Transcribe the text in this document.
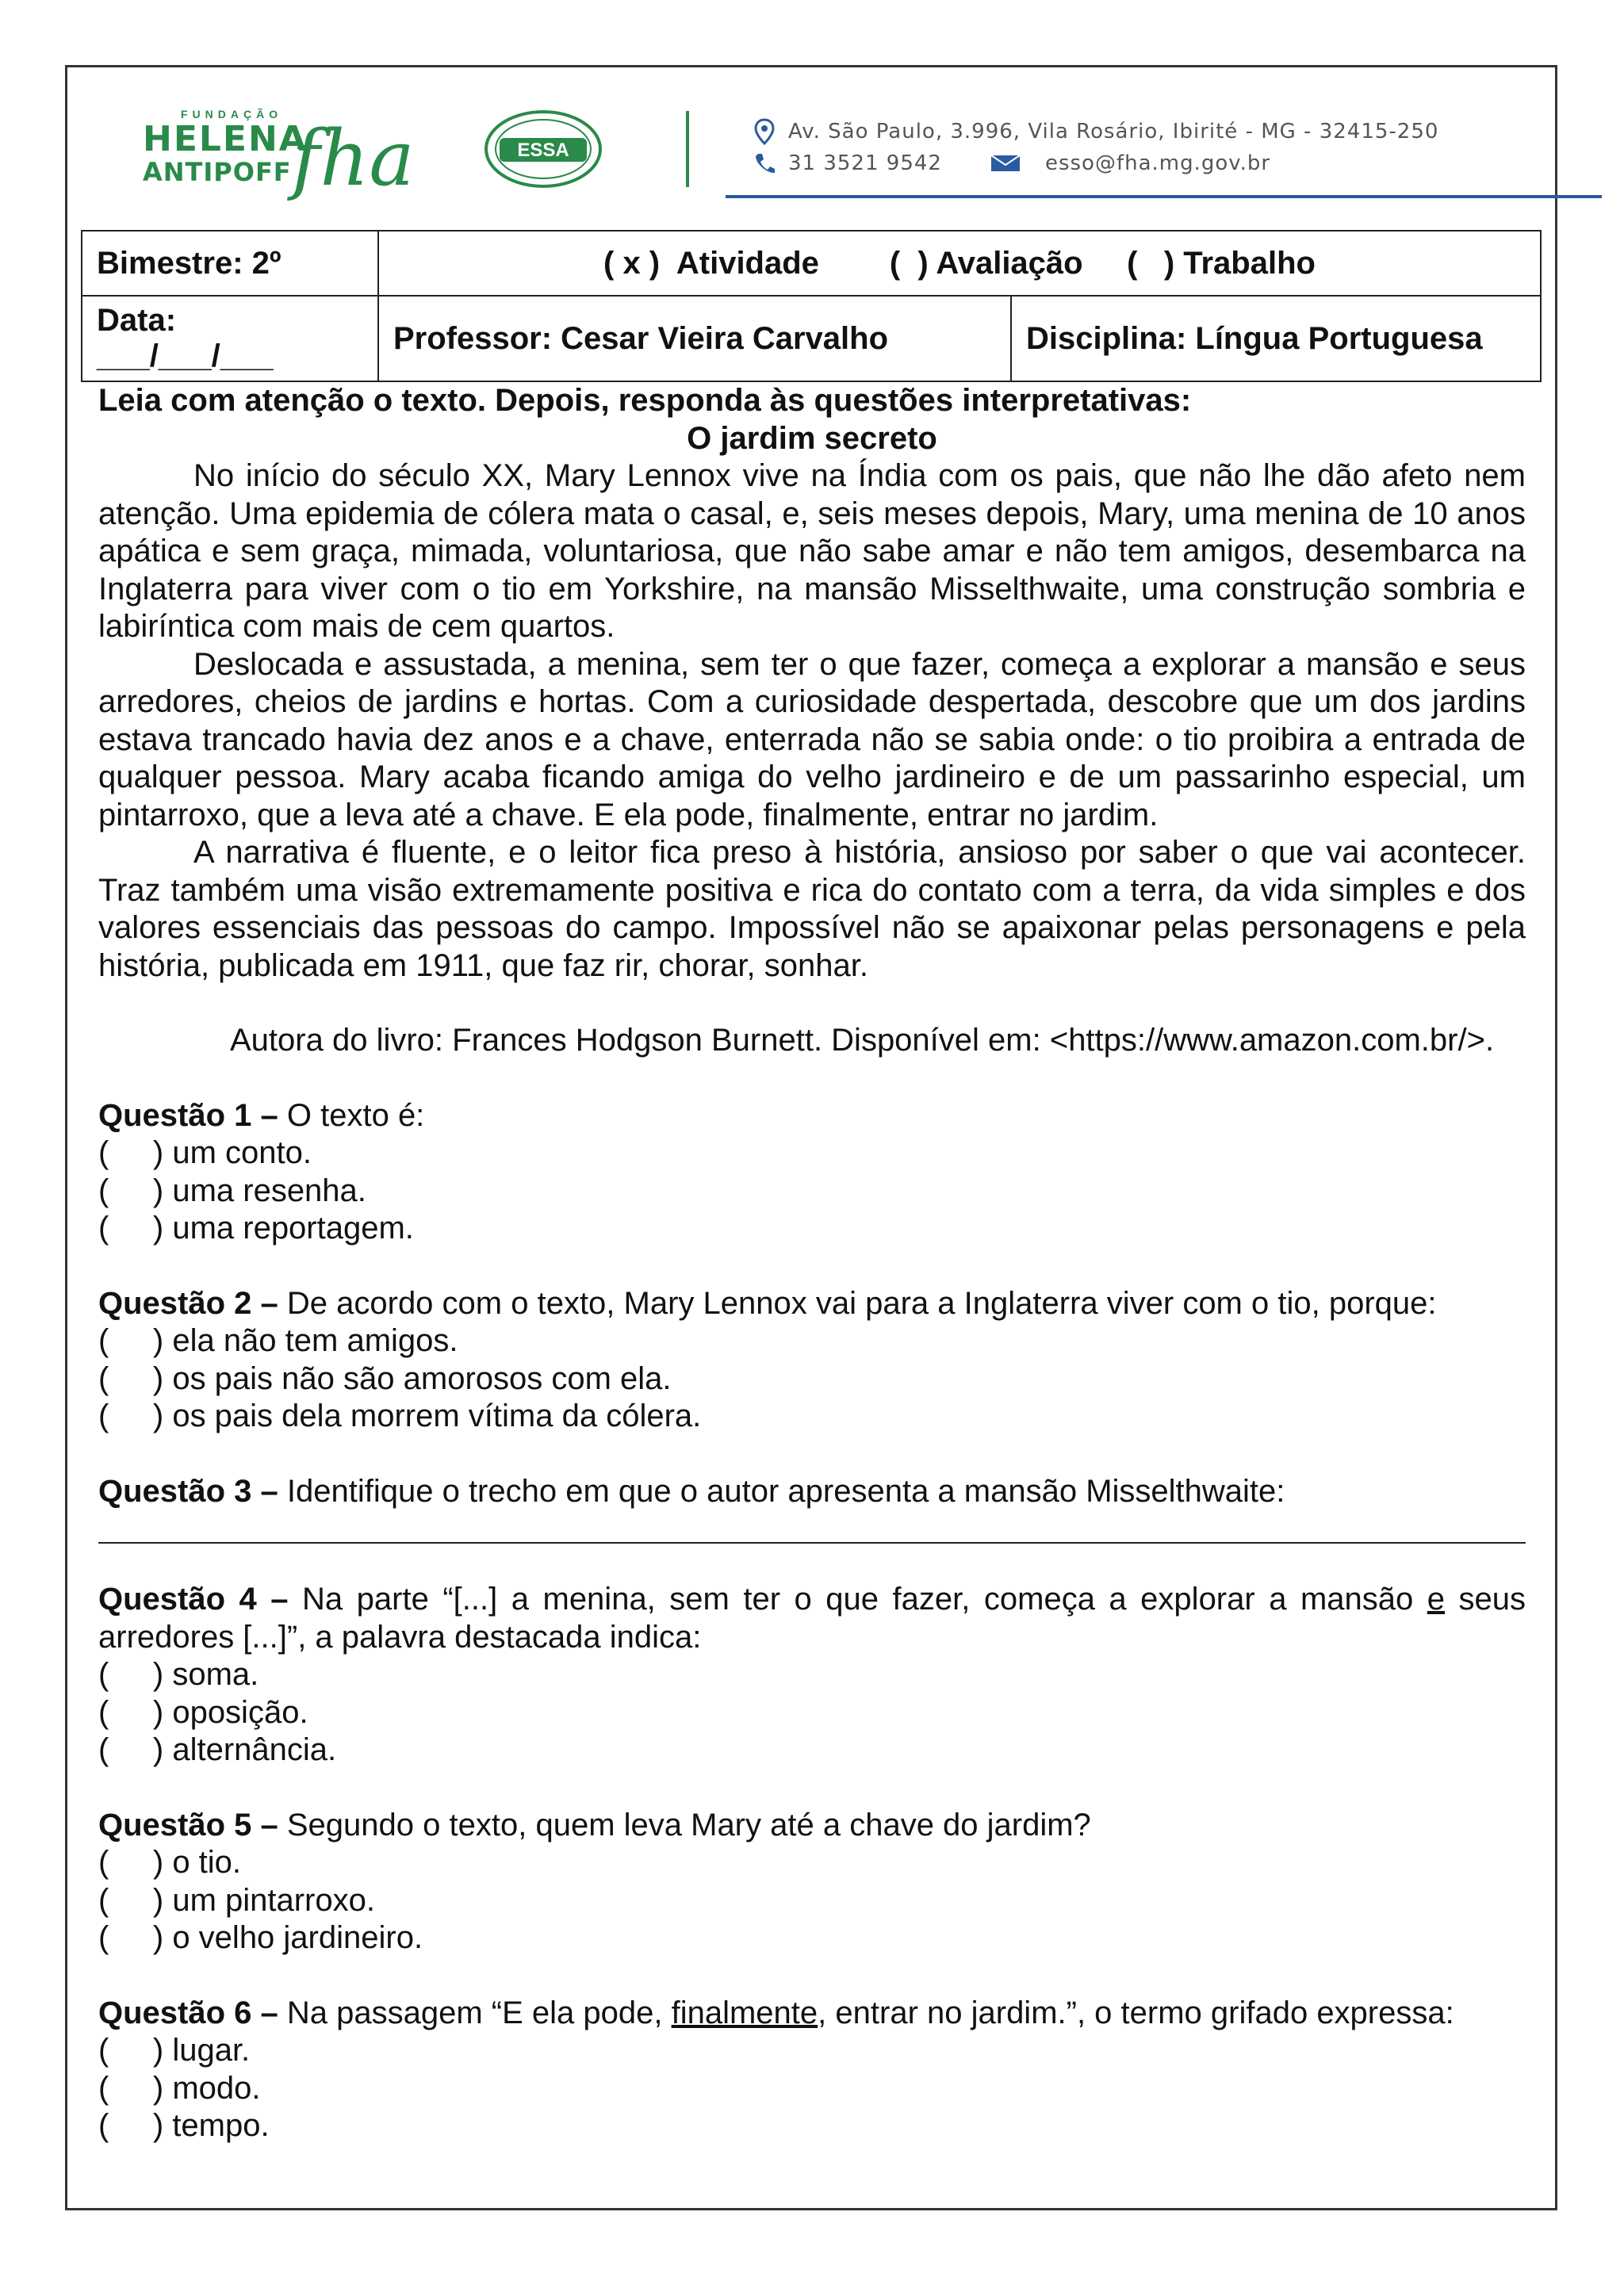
FUNDAÇÃO
HELENA
ANTIPOFF fha	ESSA
Av. São Paulo, 3.996, Vila Rosário, Ibirité - MG - 32415-250
31 3521 9542	esso@fha.mg.gov.br
Bimestre: 2º	( x )  Atividade        (  ) Avaliação     (   ) Trabalho	

Data:
___/___/___	Professor: Cesar Vieira Carvalho	Disciplina: Língua Portuguesa
Leia com atenção o texto. Depois, responda às questões interpretativas:
O jardim secreto

No início do século XX, Mary Lennox vive na Índia com os pais, que não lhe dão afeto nem atenção. Uma epidemia de cólera mata o casal, e, seis meses depois, Mary, uma menina de 10 anos apática e sem graça, mimada, voluntariosa, que não sabe amar e não tem amigos, desembarca na Inglaterra para viver com o tio em Yorkshire, na mansão Misselthwaite, uma construção sombria e labiríntica com mais de cem quartos.

Deslocada e assustada, a menina, sem ter o que fazer, começa a explorar a mansão e seus arredores, cheios de jardins e hortas. Com a curiosidade despertada, descobre que um dos jardins estava trancado havia dez anos e a chave, enterrada não se sabia onde: o tio proibira a entrada de qualquer pessoa. Mary acaba ficando amiga do velho jardineiro e de um passarinho especial, um pintarroxo, que a leva até a chave. E ela pode, finalmente, entrar no jardim.

A narrativa é fluente, e o leitor fica preso à história, ansioso por saber o que vai acontecer. Traz também uma visão extremamente positiva e rica do contato com a terra, da vida simples e dos valores essenciais das pessoas do campo. Impossível não se apaixonar pelas personagens e pela história, publicada em 1911, que faz rir, chorar, sonhar.

Autora do livro: Frances Hodgson Burnett. Disponível em: <https://www.amazon.com.br/>.

Questão 1 – O texto é:
(     ) um conto.
(     ) uma resenha.
(     ) uma reportagem.
Questão 2 – De acordo com o texto, Mary Lennox vai para a Inglaterra viver com o tio, porque:
(     ) ela não tem amigos.
(     ) os pais não são amorosos com ela.
(     ) os pais dela morrem vítima da cólera.
Questão 3 – Identifique o trecho em que o autor apresenta a mansão Misselthwaite:
Questão 4 – Na parte “[...] a menina, sem ter o que fazer, começa a explorar a mansão e seus arredores [...]”, a palavra destacada indica:
(     ) soma.
(     ) oposição.
(     ) alternância.
Questão 5 – Segundo o texto, quem leva Mary até a chave do jardim?
(     ) o tio.
(     ) um pintarroxo.
(     ) o velho jardineiro.
Questão 6 – Na passagem “E ela pode, finalmente, entrar no jardim.”, o termo grifado expressa:
(     ) lugar.
(     ) modo.
(     ) tempo.
